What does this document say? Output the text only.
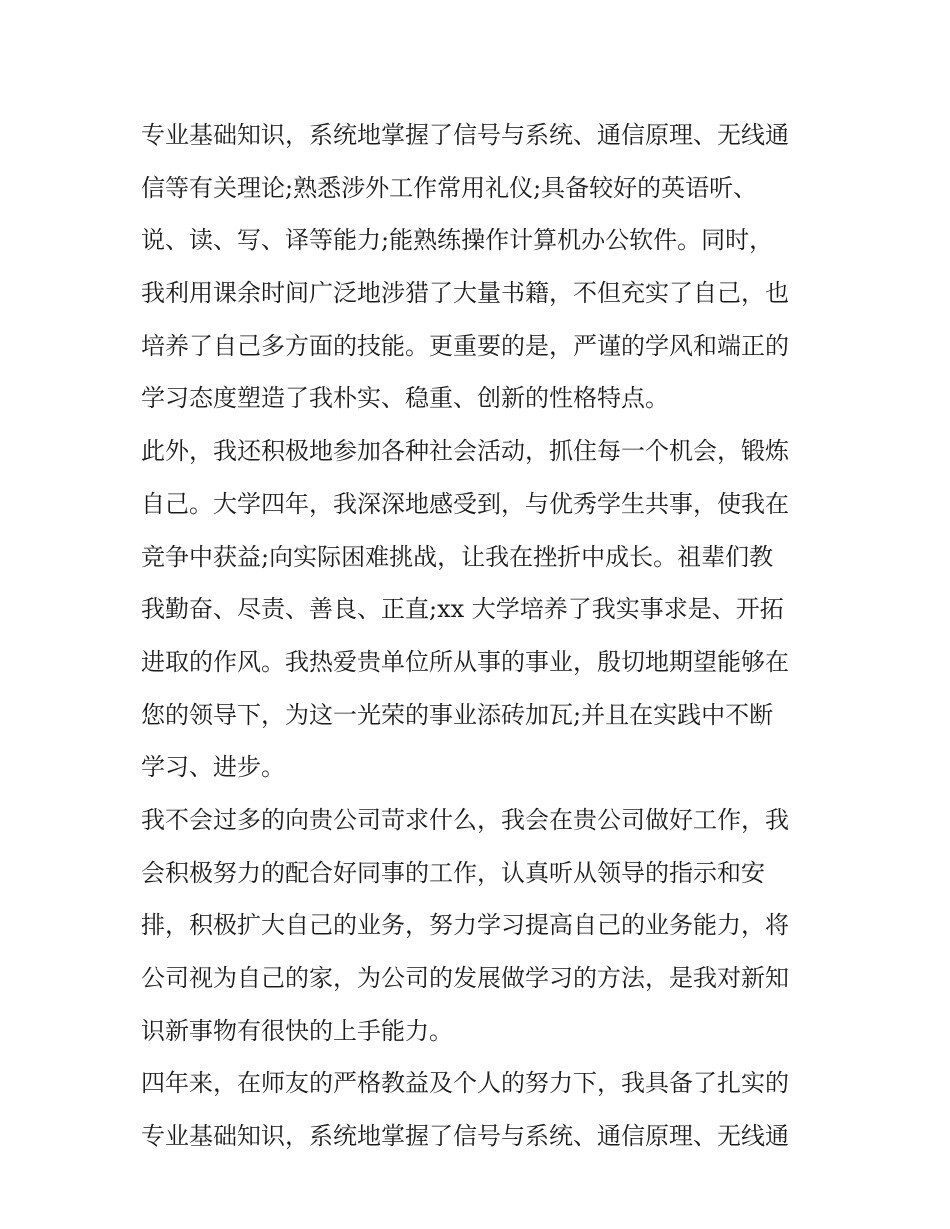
专业基础知识，系统地掌握了信号与系统、通信原理、无线通
信等有关理论;熟悉涉外工作常用礼仪;具备较好的英语听、
说、读、写、译等能力;能熟练操作计算机办公软件。同时，
我利用课余时间广泛地涉猎了大量书籍，不但充实了自己，也
培养了自己多方面的技能。更重要的是，严谨的学风和端正的
学习态度塑造了我朴实、稳重、创新的性格特点。
此外，我还积极地参加各种社会活动，抓住每一个机会，锻炼
自己。大学四年，我深深地感受到，与优秀学生共事，使我在
竞争中获益;向实际困难挑战，让我在挫折中成长。祖辈们教
我勤奋、尽责、善良、正直;xx 大学培养了我实事求是、开拓
进取的作风。我热爱贵单位所从事的事业，殷切地期望能够在
您的领导下，为这一光荣的事业添砖加瓦;并且在实践中不断
学习、进步。
我不会过多的向贵公司苛求什么，我会在贵公司做好工作，我
会积极努力的配合好同事的工作，认真听从领导的指示和安
排，积极扩大自己的业务，努力学习提高自己的业务能力，将
公司视为自己的家，为公司的发展做学习的方法，是我对新知
识新事物有很快的上手能力。
四年来，在师友的严格教益及个人的努力下，我具备了扎实的
专业基础知识，系统地掌握了信号与系统、通信原理、无线通
